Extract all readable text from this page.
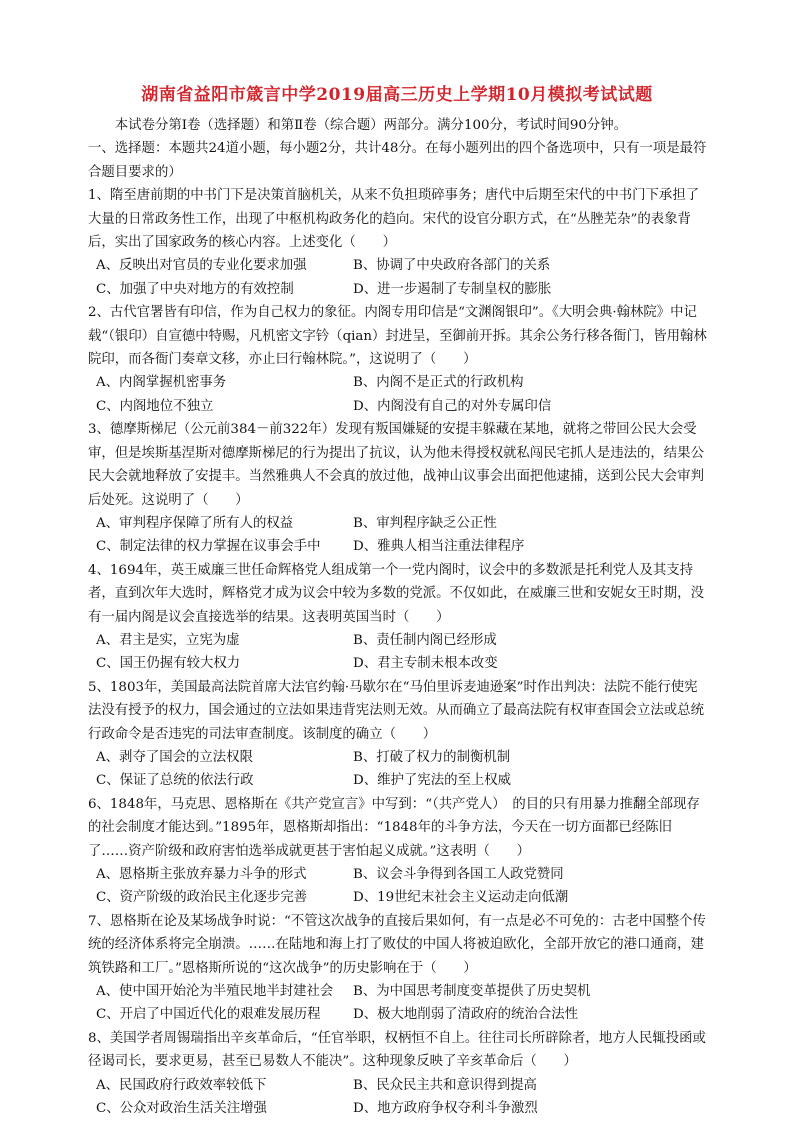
湖南省益阳市箴言中学2019届高三历史上学期10月模拟考试试题

本试卷分第Ⅰ卷（选择题）和第Ⅱ卷（综合题）两部分。满分100分，考试时间90分钟。

一、选择题：本题共24道小题，每小题2分，共计48分。在每小题列出的四个备选项中，只有一项是最符合题目要求的）

1、隋至唐前期的中书门下是决策首脑机关，从来不负担琐碎事务；唐代中后期至宋代的中书门下承担了大量的日常政务性工作，出现了中枢机构政务化的趋向。宋代的设官分职方式，在“丛脞芜杂”的表象背后，实出了国家政务的核心内容。上述变化（　　）

A、反映出对官员的专业化要求加强	B、协调了中央政府各部门的关系
C、加强了中央对地方的有效控制	D、进一步遏制了专制皇权的膨胀

2、古代官署皆有印信，作为自己权力的象征。内阁专用印信是“文渊阁银印”。《大明会典·翰林院》中记载“（银印）自宣德中特赐，凡机密文字钤（qian）封进呈，至御前开拆。其余公务行移各衙门，皆用翰林院印，而各衙门奏章文移，亦止曰行翰林院。”，这说明了（　　）

A、内阁掌握机密事务	B、内阁不是正式的行政机构
C、内阁地位不独立	D、内阁没有自己的对外专属印信

3、德摩斯梯尼（公元前384－前322年）发现有叛国嫌疑的安提丰躲藏在某地，就将之带回公民大会受审，但是埃斯基涅斯对德摩斯梯尼的行为提出了抗议，认为他未得授权就私闯民宅抓人是违法的，结果公民大会就地释放了安提丰。当然雅典人不会真的放过他，战神山议事会出面把他逮捕，送到公民大会审判后处死。这说明了（　　）

A、审判程序保障了所有人的权益	B、审判程序缺乏公正性
C、制定法律的权力掌握在议事会手中	D、雅典人相当注重法律程序

4、1694年，英王威廉三世任命辉格党人组成第一个一党内阁时，议会中的多数派是托利党人及其支持者，直到次年大选时，辉格党才成为议会中较为多数的党派。不仅如此，在威廉三世和安妮女王时期，没有一届内阁是议会直接选举的结果。这表明英国当时（　　）

A、君主是实，立宪为虚	B、责任制内阁已经形成
C、国王仍握有较大权力	D、君主专制未根本改变

5、1803年，美国最高法院首席大法官约翰·马歇尔在“马伯里诉麦迪逊案”时作出判决：法院不能行使宪法没有授予的权力，国会通过的立法如果违背宪法则无效。从而确立了最高法院有权审查国会立法或总统行政命令是否违宪的司法审查制度。该制度的确立（　　）

A、剥夺了国会的立法权限	B、打破了权力的制衡机制
C、保证了总统的依法行政	D、维护了宪法的至上权威

6、1848年，马克思、恩格斯在《共产党宣言》中写到：“（共产党人）　的目的只有用暴力推翻全部现存的社会制度才能达到。”1895年，恩格斯却指出：“1848年的斗争方法，今天在一切方面都已经陈旧了……资产阶级和政府害怕选举成就更甚于害怕起义成就。”这表明（　　）

A、恩格斯主张放弃暴力斗争的形式	B、议会斗争得到各国工人政党赞同
C、资产阶级的政治民主化逐步完善	D、19世纪末社会主义运动走向低潮

7、恩格斯在论及某场战争时说：“不管这次战争的直接后果如何，有一点是必不可免的：古老中国整个传统的经济体系将完全崩溃。……在陆地和海上打了败仗的中国人将被迫欧化，全部开放它的港口通商，建筑铁路和工厂。”恩格斯所说的“这次战争”的历史影响在于（　　）

A、使中国开始沦为半殖民地半封建社会	B、为中国思考制度变革提供了历史契机
C、开启了中国近代化的艰难发展历程	D、极大地削弱了清政府的统治合法性

8、美国学者周锡瑞指出辛亥革命后，“任官举职，权柄恒不自上。往往司长所辟除者，地方人民辄投函或径谒司长，要求更易，甚至已易数人不能决”。这种现象反映了辛亥革命后（　　）

A、民国政府行政效率较低下	B、民众民主共和意识得到提高
C、公众对政治生活关注增强	D、地方政府争权夺利斗争激烈
